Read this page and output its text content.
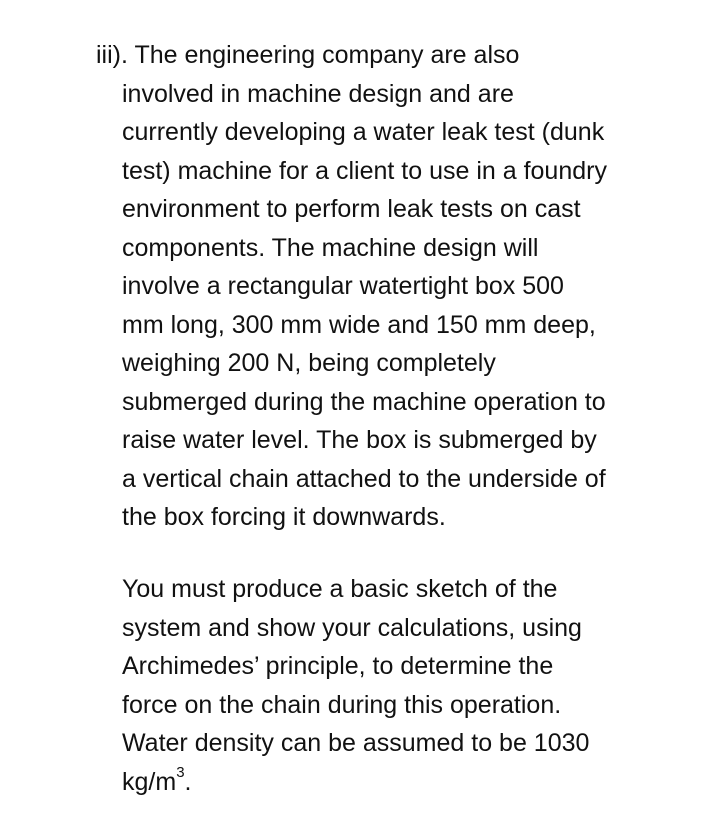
iii). The engineering company are also
involved in machine design and are
currently developing a water leak test (dunk
test) machine for a client to use in a foundry
environment to perform leak tests on cast
components. The machine design will
involve a rectangular watertight box 500
mm long, 300 mm wide and 150 mm deep,
weighing 200 N, being completely
submerged during the machine operation to
raise water level. The box is submerged by
a vertical chain attached to the underside of
the box forcing it downwards.
You must produce a basic sketch of the
system and show your calculations, using
Archimedes’ principle, to determine the
force on the chain during this operation.
Water density can be assumed to be 1030
$kg/m^3$.
